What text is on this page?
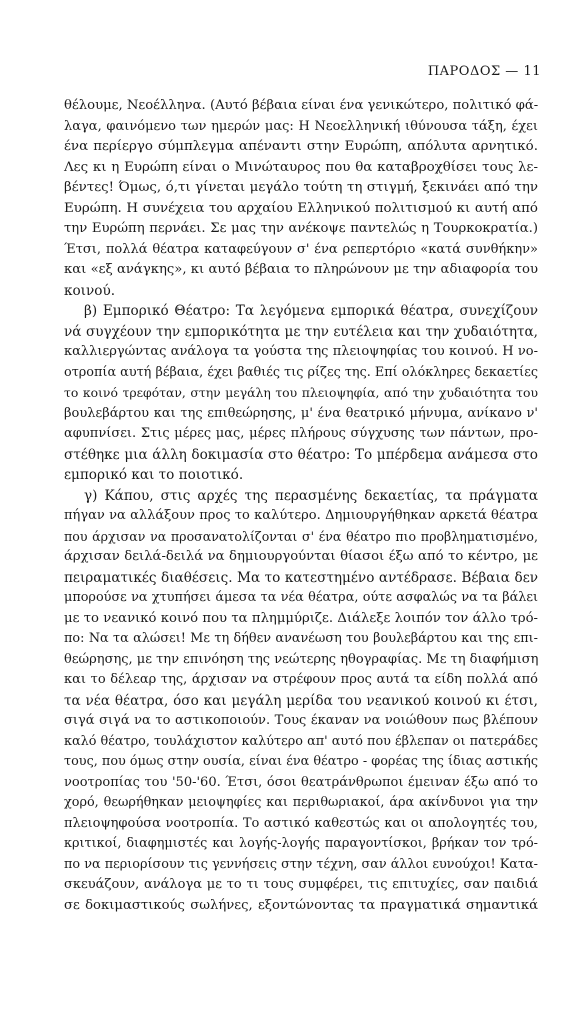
ΠΑΡΟΔΟΣ — 11
θέλουμε, Νεοέλληνα. (Αυτό βέβαια είναι ένα γενικώτερο, πολιτικό φά-
λαγα, φαινόμενο των ημερών μας: Η Νεοελληνική ιθύνουσα τάξη, έχει
ένα περίεργο σύμπλεγμα απέναντι στην Ευρώπη, απόλυτα αρνητικό.
Λες κι η Ευρώπη είναι ο Μινώταυρος που θα καταβροχθίσει τους λε-
βέντες! Όμως, ό,τι γίνεται μεγάλο τούτη τη στιγμή, ξεκινάει από την
Ευρώπη. Η συνέχεια του αρχαίου Ελληνικού πολιτισμού κι αυτή από
την Ευρώπη περνάει. Σε μας την ανέκοψε παντελώς η Τουρκοκρατία.)
Έτσι, πολλά θέατρα καταφεύγουν σ' ένα ρεπερτόριο «κατά συνθήκην»
και «εξ ανάγκης», κι αυτό βέβαια το πληρώνουν με την αδιαφορία του
κοινού.
β) Εμπορικό Θέατρο: Τα λεγόμενα εμπορικά θέατρα, συνεχίζουν
νά συγχέουν την εμπορικότητα με την ευτέλεια και την χυδαιότητα,
καλλιεργώντας ανάλογα τα γούστα της πλειοψηφίας του κοινού. Η νο-
οτροπία αυτή βέβαια, έχει βαθιές τις ρίζες της. Επί ολόκληρες δεκαετίες
το κοινό τρεφόταν, στην μεγάλη του πλειοψηφία, από την χυδαιότητα του
βουλεβάρτου και της επιθεώρησης, μ' ένα θεατρικό μήνυμα, ανίκανο ν'
αφυπνίσει. Στις μέρες μας, μέρες πλήρους σύγχυσης των πάντων, προ-
στέθηκε μια άλλη δοκιμασία στο θέατρο: Το μπέρδεμα ανάμεσα στο
εμπορικό και το ποιοτικό.
γ) Κάπου, στις αρχές της περασμένης δεκαετίας, τα πράγματα
πήγαν να αλλάξουν προς το καλύτερο. Δημιουργήθηκαν αρκετά θέατρα
που άρχισαν να προσανατολίζονται σ' ένα θέατρο πιο προβληματισμένο,
άρχισαν δειλά-δειλά να δημιουργούνται θίασοι έξω από το κέντρο, με
πειραματικές διαθέσεις. Μα το κατεστημένο αντέδρασε. Βέβαια δεν
μπορούσε να χτυπήσει άμεσα τα νέα θέατρα, ούτε ασφαλώς να τα βάλει
με το νεανικό κοινό που τα πλημμύριζε. Διάλεξε λοιπόν τον άλλο τρό-
πο: Να τα αλώσει! Με τη δήθεν ανανέωση του βουλεβάρτου και της επι-
θεώρησης, με την επινόηση της νεώτερης ηθογραφίας. Με τη διαφήμιση
και το δέλεαρ της, άρχισαν να στρέφουν προς αυτά τα είδη πολλά από
τα νέα θέατρα, όσο και μεγάλη μερίδα του νεανικού κοινού κι έτσι,
σιγά σιγά να το αστικοποιούν. Τους έκαναν να νοιώθουν πως βλέπουν
καλό θέατρο, τουλάχιστον καλύτερο απ' αυτό που έβλεπαν οι πατεράδες
τους, που όμως στην ουσία, είναι ένα θέατρο - φορέας της ίδιας αστικής
νοοτροπίας του '50-'60. Έτσι, όσοι θεατράνθρωποι έμειναν έξω από το
χορό, θεωρήθηκαν μειοψηφίες και περιθωριακοί, άρα ακίνδυνοι για την
πλειοψηφούσα νοοτροπία. Το αστικό καθεστώς και οι απολογητές του,
κριτικοί, διαφημιστές και λογής-λογής παραγοντίσκοι, βρήκαν τον τρό-
πο να περιορίσουν τις γεννήσεις στην τέχνη, σαν άλλοι ευνούχοι! Κατα-
σκευάζουν, ανάλογα με το τι τους συμφέρει, τις επιτυχίες, σαν παιδιά
σε δοκιμαστικούς σωλήνες, εξοντώνοντας τα πραγματικά σημαντικά
